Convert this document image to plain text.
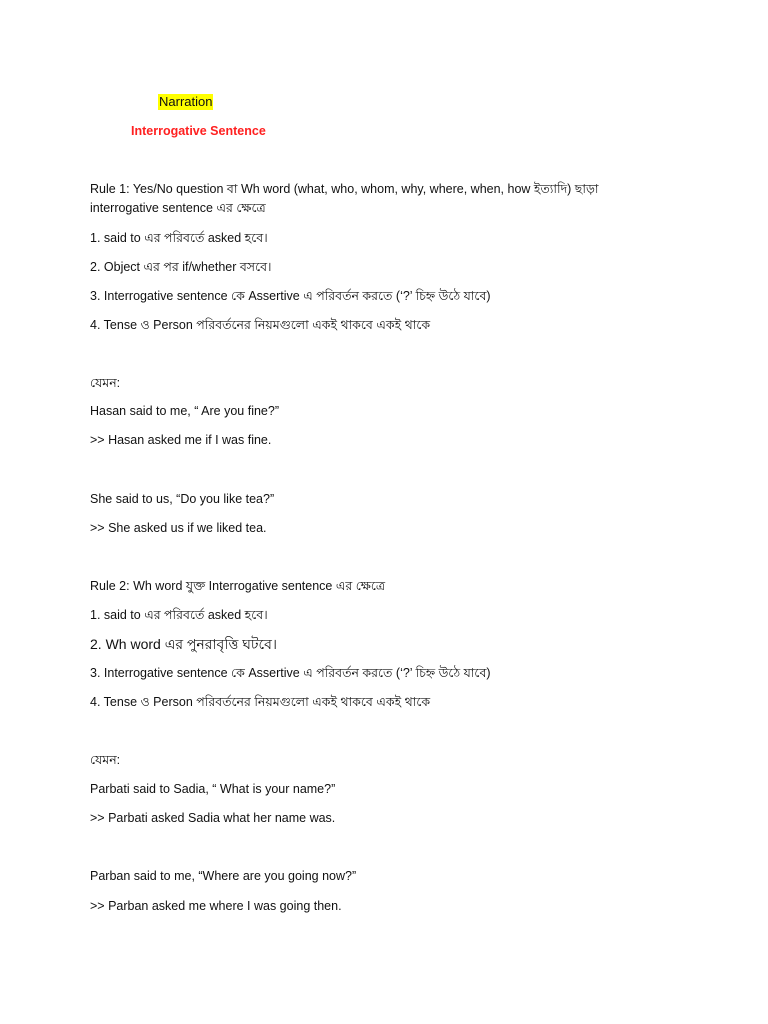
Narration
Interrogative Sentence
Rule 1: Yes/No question বা Wh word (what, who, whom, why, where, when, how ইত্যাদি) ছাড়া
interrogative sentence এর ক্ষেত্রে
1. said to এর পরিবর্তে asked হবে।
2. Object এর পর if/whether বসবে।
3. Interrogative sentence কে Assertive এ পরিবর্তন করতে (‘?’ চিহ্ন উঠে যাবে)
4. Tense ও Person পরিবর্তনের নিয়মগুলো একই থাকবে একই থাকে
যেমন:
Hasan said to me, “ Are you fine?”
>> Hasan asked me if I was fine.
She said to us, “Do you like tea?”
>> She asked us if we liked tea.
Rule 2: Wh word যুক্ত Interrogative sentence এর ক্ষেত্রে
1. said to এর পরিবর্তে asked হবে।
2. Wh word এর পুনরাবৃত্তি ঘটবে।
3. Interrogative sentence কে Assertive এ পরিবর্তন করতে (‘?’ চিহ্ন উঠে যাবে)
4. Tense ও Person পরিবর্তনের নিয়মগুলো একই থাকবে একই থাকে
যেমন:
Parbati said to Sadia, “ What is your name?”
>> Parbati asked Sadia what her name was.
Parban said to me, “Where are you going now?”
>> Parban asked me where I was going then.
